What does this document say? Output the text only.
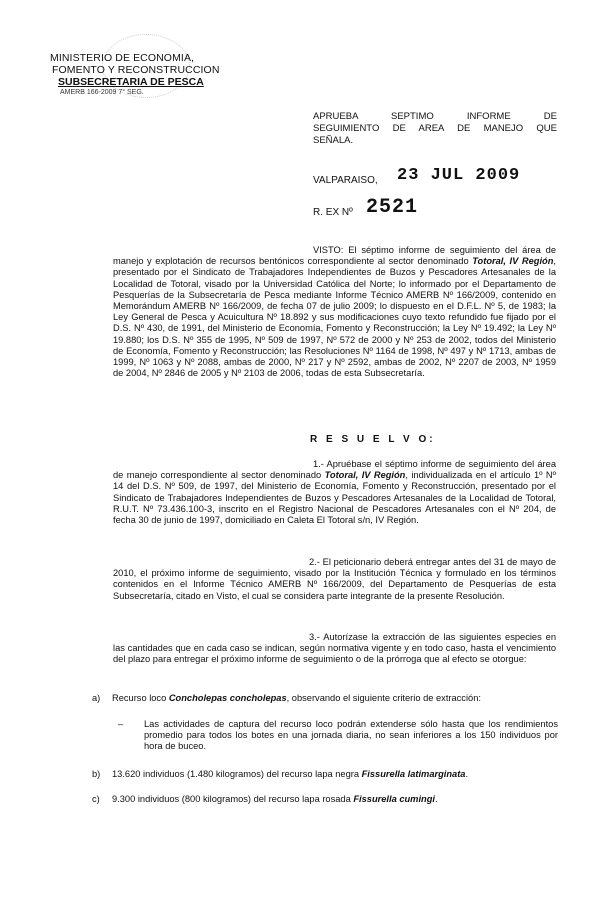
MINISTERIO DE ECONOMIA,
FOMENTO Y RECONSTRUCCION
SUBSECRETARIA DE PESCA
AMERB 166-2009 7° SEG.
APRUEBA SEPTIMO INFORME DE
SEGUIMIENTO DE AREA DE MANEJO QUE
SEÑALA.
VALPARAISO, 23 JUL 2009
R. EX Nº 2521
VISTO: El séptimo informe de seguimiento del área de manejo y explotación de recursos bentónicos correspondiente al sector denominado Totoral, IV Región, presentado por el Sindicato de Trabajadores Independientes de Buzos y Pescadores Artesanales de la Localidad de Totoral, visado por la Universidad Católica del Norte; lo informado por el Departamento de Pesquerías de la Subsecretaría de Pesca mediante Informe Técnico AMERB Nº 166/2009, contenido en Memorándum AMERB Nº 166/2009, de fecha 07 de julio 2009; lo dispuesto en el D.F.L. Nº 5, de 1983; la Ley General de Pesca y Acuicultura Nº 18.892 y sus modificaciones cuyo texto refundido fue fijado por el D.S. Nº 430, de 1991, del Ministerio de Economía, Fomento y Reconstrucción; la Ley Nº 19.492; la Ley Nº 19.880; los D.S. Nº 355 de 1995, Nº 509 de 1997, Nº 572 de 2000 y Nº 253 de 2002, todos del Ministerio de Economía, Fomento y Reconstrucción; las Resoluciones Nº 1164 de 1998, Nº 497 y Nº 1713, ambas de 1999, Nº 1063 y Nº 2088, ambas de 2000, Nº 217 y Nº 2592, ambas de 2002, Nº 2207 de 2003, Nº 1959 de 2004, Nº 2846 de 2005 y Nº 2103 de 2006, todas de esta Subsecretaría.
R E S U E L V O:
1.- Apruébase el séptimo informe de seguimiento del área de manejo correspondiente al sector denominado Totoral, IV Región, individualizada en el artículo 1º Nº 14 del D.S. Nº 509, de 1997, del Ministerio de Economía, Fomento y Reconstrucción, presentado por el Sindicato de Trabajadores Independientes de Buzos y Pescadores Artesanales de la Localidad de Totoral, R.U.T. Nº 73.436.100-3, inscrito en el Registro Nacional de Pescadores Artesanales con el Nº 204, de fecha 30 de junio de 1997, domiciliado en Caleta El Totoral s/n, IV Región.
2.- El peticionario deberá entregar antes del 31 de mayo de 2010, el próximo informe de seguimiento, visado por la Institución Técnica y formulado en los términos contenidos en el Informe Técnico AMERB Nº 166/2009, del Departamento de Pesquerías de esta Subsecretaría, citado en Visto, el cual se considera parte integrante de la presente Resolución.
3.- Autorízase la extracción de las siguientes especies en las cantidades que en cada caso se indican, según normativa vigente y en todo caso, hasta el vencimiento del plazo para entregar el próximo informe de seguimiento o de la prórroga que al efecto se otorgue:
a) Recurso loco Concholepas concholepas, observando el siguiente criterio de extracción:
– Las actividades de captura del recurso loco podrán extenderse sólo hasta que los rendimientos promedio para todos los botes en una jornada diaria, no sean inferiores a los 150 individuos por hora de buceo.
b) 13.620 individuos (1.480 kilogramos) del recurso lapa negra Fissurella latimarginata.
c) 9.300 individuos (800 kilogramos) del recurso lapa rosada Fissurella cumingi.
